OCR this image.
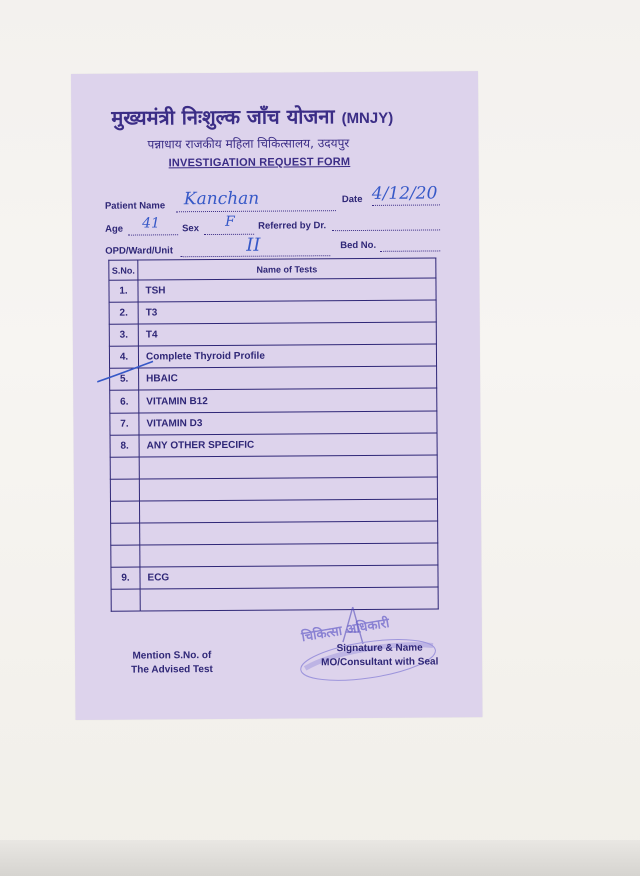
मुख्यमंत्री निःशुल्क जाँच योजना (MNJY)
पन्नाधाय राजकीय महिला चिकित्सालय, उदयपुर
INVESTIGATION REQUEST FORM
Patient Name Kanchan	Date 4/12/20
Age 41 Sex F Referred by Dr.
OPD/Ward/Unit	II	Bed No.
S.No.	Name of Tests
1.	TSH
2.	T3
3.	T4
4.	Complete Thyroid Profile
5.	HBAIC
6.	VITAMIN B12
7.	VITAMIN D3
8.	ANY OTHER SPECIFIC

9.	ECG

चिकित्सा अधिकारी
Mention S.No. of
The Advised Test
Signature & Name
MO/Consultant with Seal
